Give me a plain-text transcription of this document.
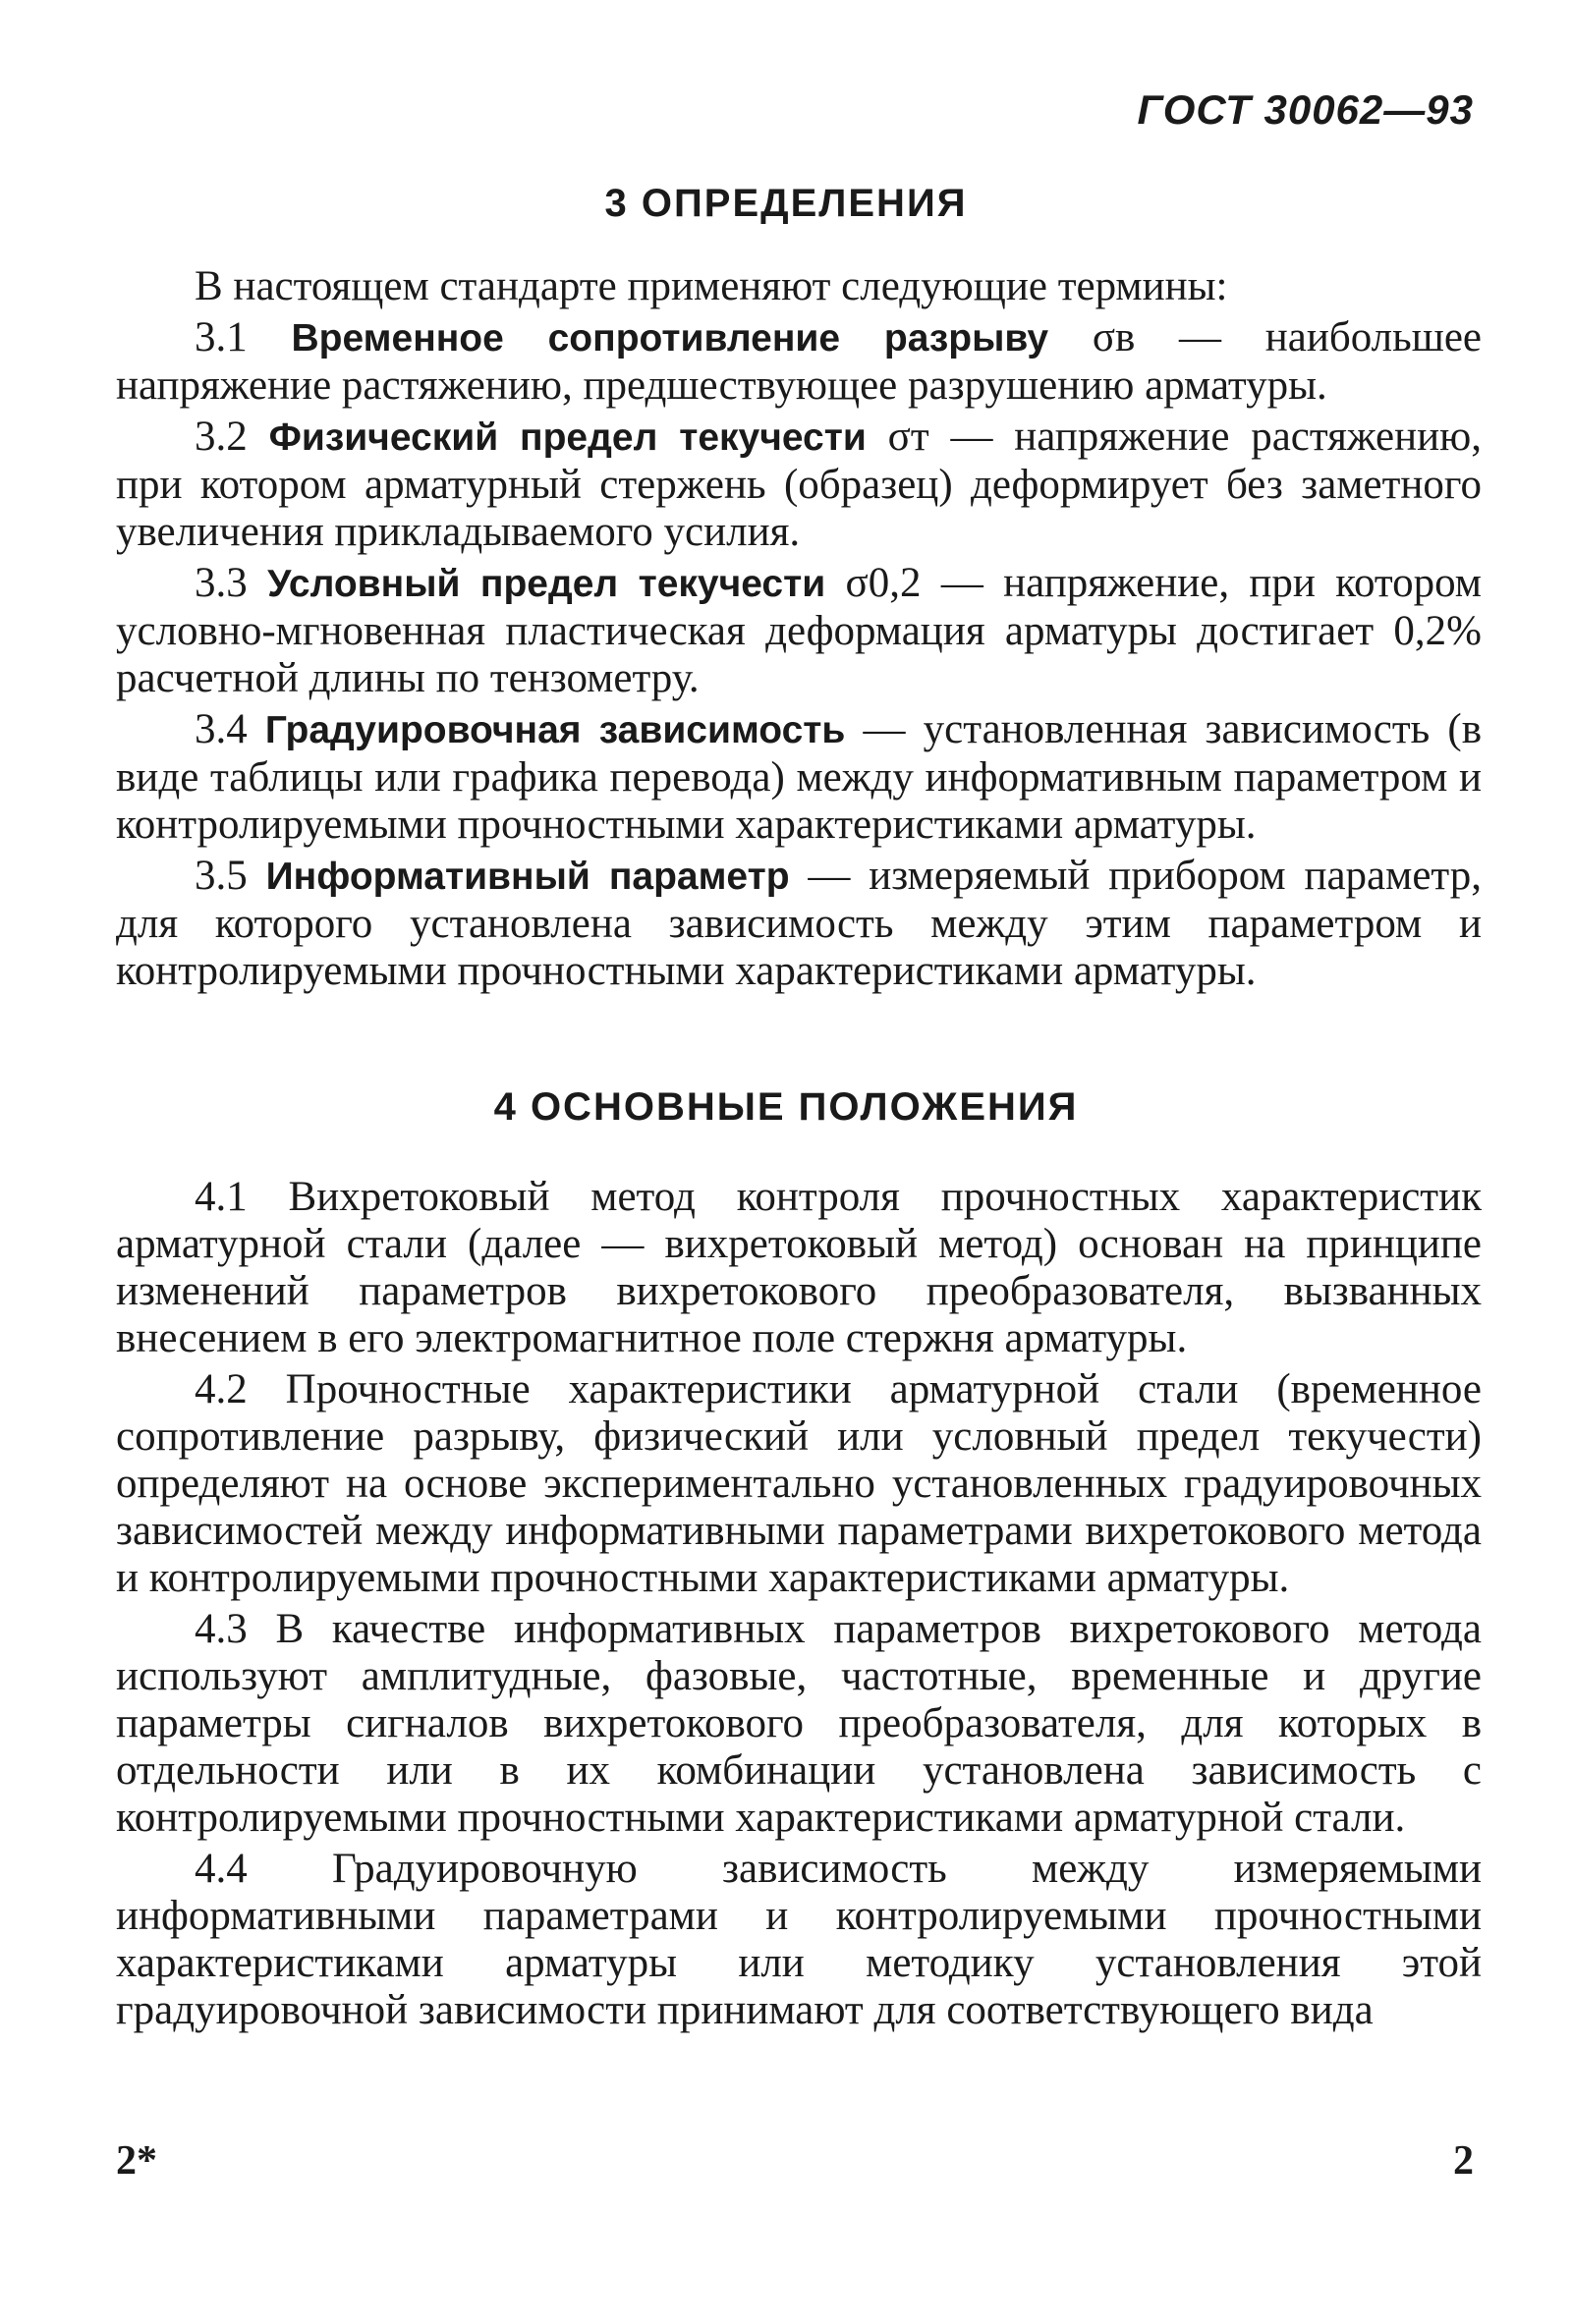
ГОСТ 30062—93
3 ОПРЕДЕЛЕНИЯ

В настоящем стандарте применяют следующие термины:

3.1 Временное сопротивление разрыву σв — наибольшее напряжение растяжению, предшествующее разрушению арматуры.

3.2 Физический предел текучести σт — напряжение растяжению, при котором арматурный стержень (образец) деформирует без заметного увеличения прикладываемого усилия.

3.3 Условный предел текучести σ0,2 — напряжение, при котором условно-мгновенная пластическая деформация арматуры достигает 0,2% расчетной длины по тензометру.

3.4 Градуировочная зависимость — установленная зависимость (в виде таблицы или графика перевода) между информативным параметром и контролируемыми прочностными характеристиками арматуры.

3.5 Информативный параметр — измеряемый прибором параметр, для которого установлена зависимость между этим параметром и контролируемыми прочностными характеристиками арматуры.

4 ОСНОВНЫЕ ПОЛОЖЕНИЯ

4.1 Вихретоковый метод контроля прочностных характеристик арматурной стали (далее — вихретоковый метод) основан на принципе изменений параметров вихретокового преобразователя, вызванных внесением в его электромагнитное поле стержня арматуры.

4.2 Прочностные характеристики арматурной стали (временное сопротивление разрыву, физический или условный предел текучести) определяют на основе экспериментально установленных градуировочных зависимостей между информативными параметрами вихретокового метода и контролируемыми прочностными характеристиками арматуры.

4.3 В качестве информативных параметров вихретокового метода используют амплитудные, фазовые, частотные, временные и другие параметры сигналов вихретокового преобразователя, для которых в отдельности или в их комбинации установлена зависимость с контролируемыми прочностными характеристиками арматурной стали.

4.4 Градуировочную зависимость между измеряемыми информативными параметрами и контролируемыми прочностными характеристиками арматуры или методику установления этой градуировочной зависимости принимают для соответствующего вида

2*	2
